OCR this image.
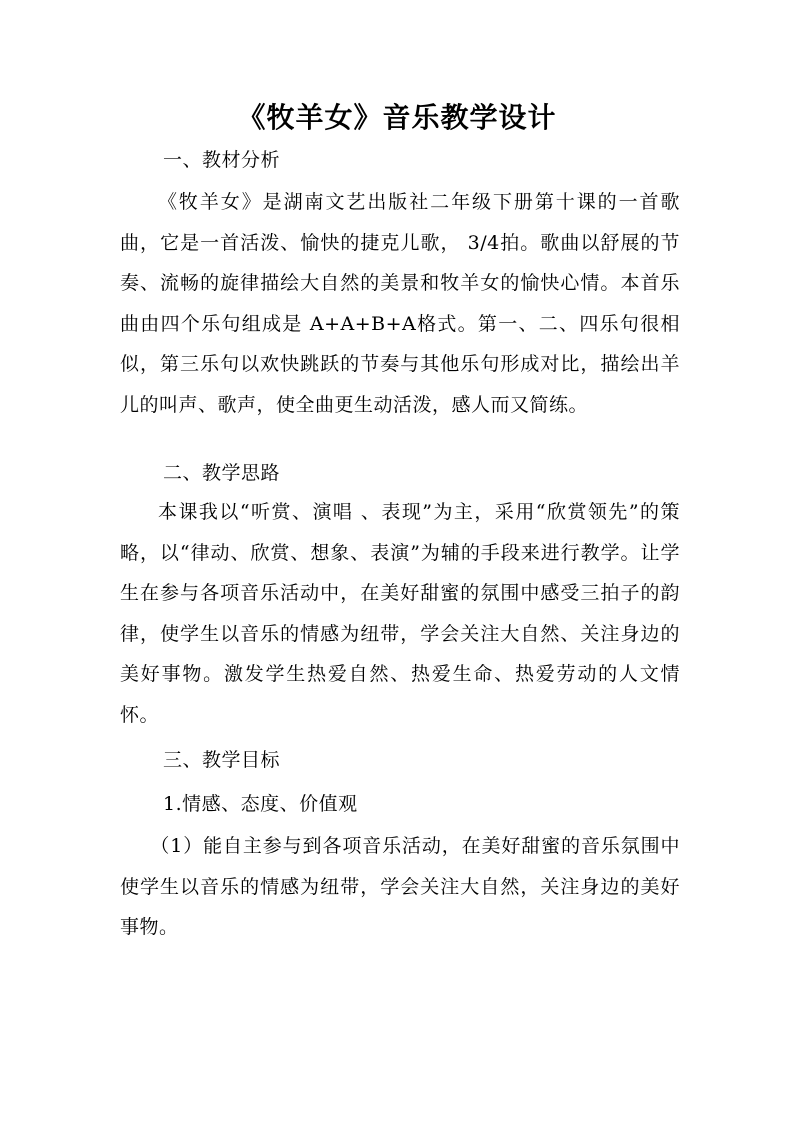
《牧羊女》音乐教学设计
一、教材分析
《牧羊女》是湖南文艺出版社二年级下册第十课的一首歌曲，它是一首活泼、愉快的捷克儿歌， 3/4拍。歌曲以舒展的节奏、流畅的旋律描绘大自然的美景和牧羊女的愉快心情。本首乐曲由四个乐句组成是 A+A+B+A格式。第一、二、四乐句很相似，第三乐句以欢快跳跃的节奏与其他乐句形成对比，描绘出羊儿的叫声、歌声，使全曲更生动活泼，感人而又简练。
二、教学思路
本课我以“听赏、演唱 、表现”为主，采用“欣赏领先”的策略，以“律动、欣赏、想象、表演”为辅的手段来进行教学。让学生在参与各项音乐活动中，在美好甜蜜的氛围中感受三拍子的韵律，使学生以音乐的情感为纽带，学会关注大自然、关注身边的美好事物。激发学生热爱自然、热爱生命、热爱劳动的人文情怀。
三、教学目标
1.情感、态度、价值观
（1）能自主参与到各项音乐活动，在美好甜蜜的音乐氛围中使学生以音乐的情感为纽带，学会关注大自然，关注身边的美好事物。
